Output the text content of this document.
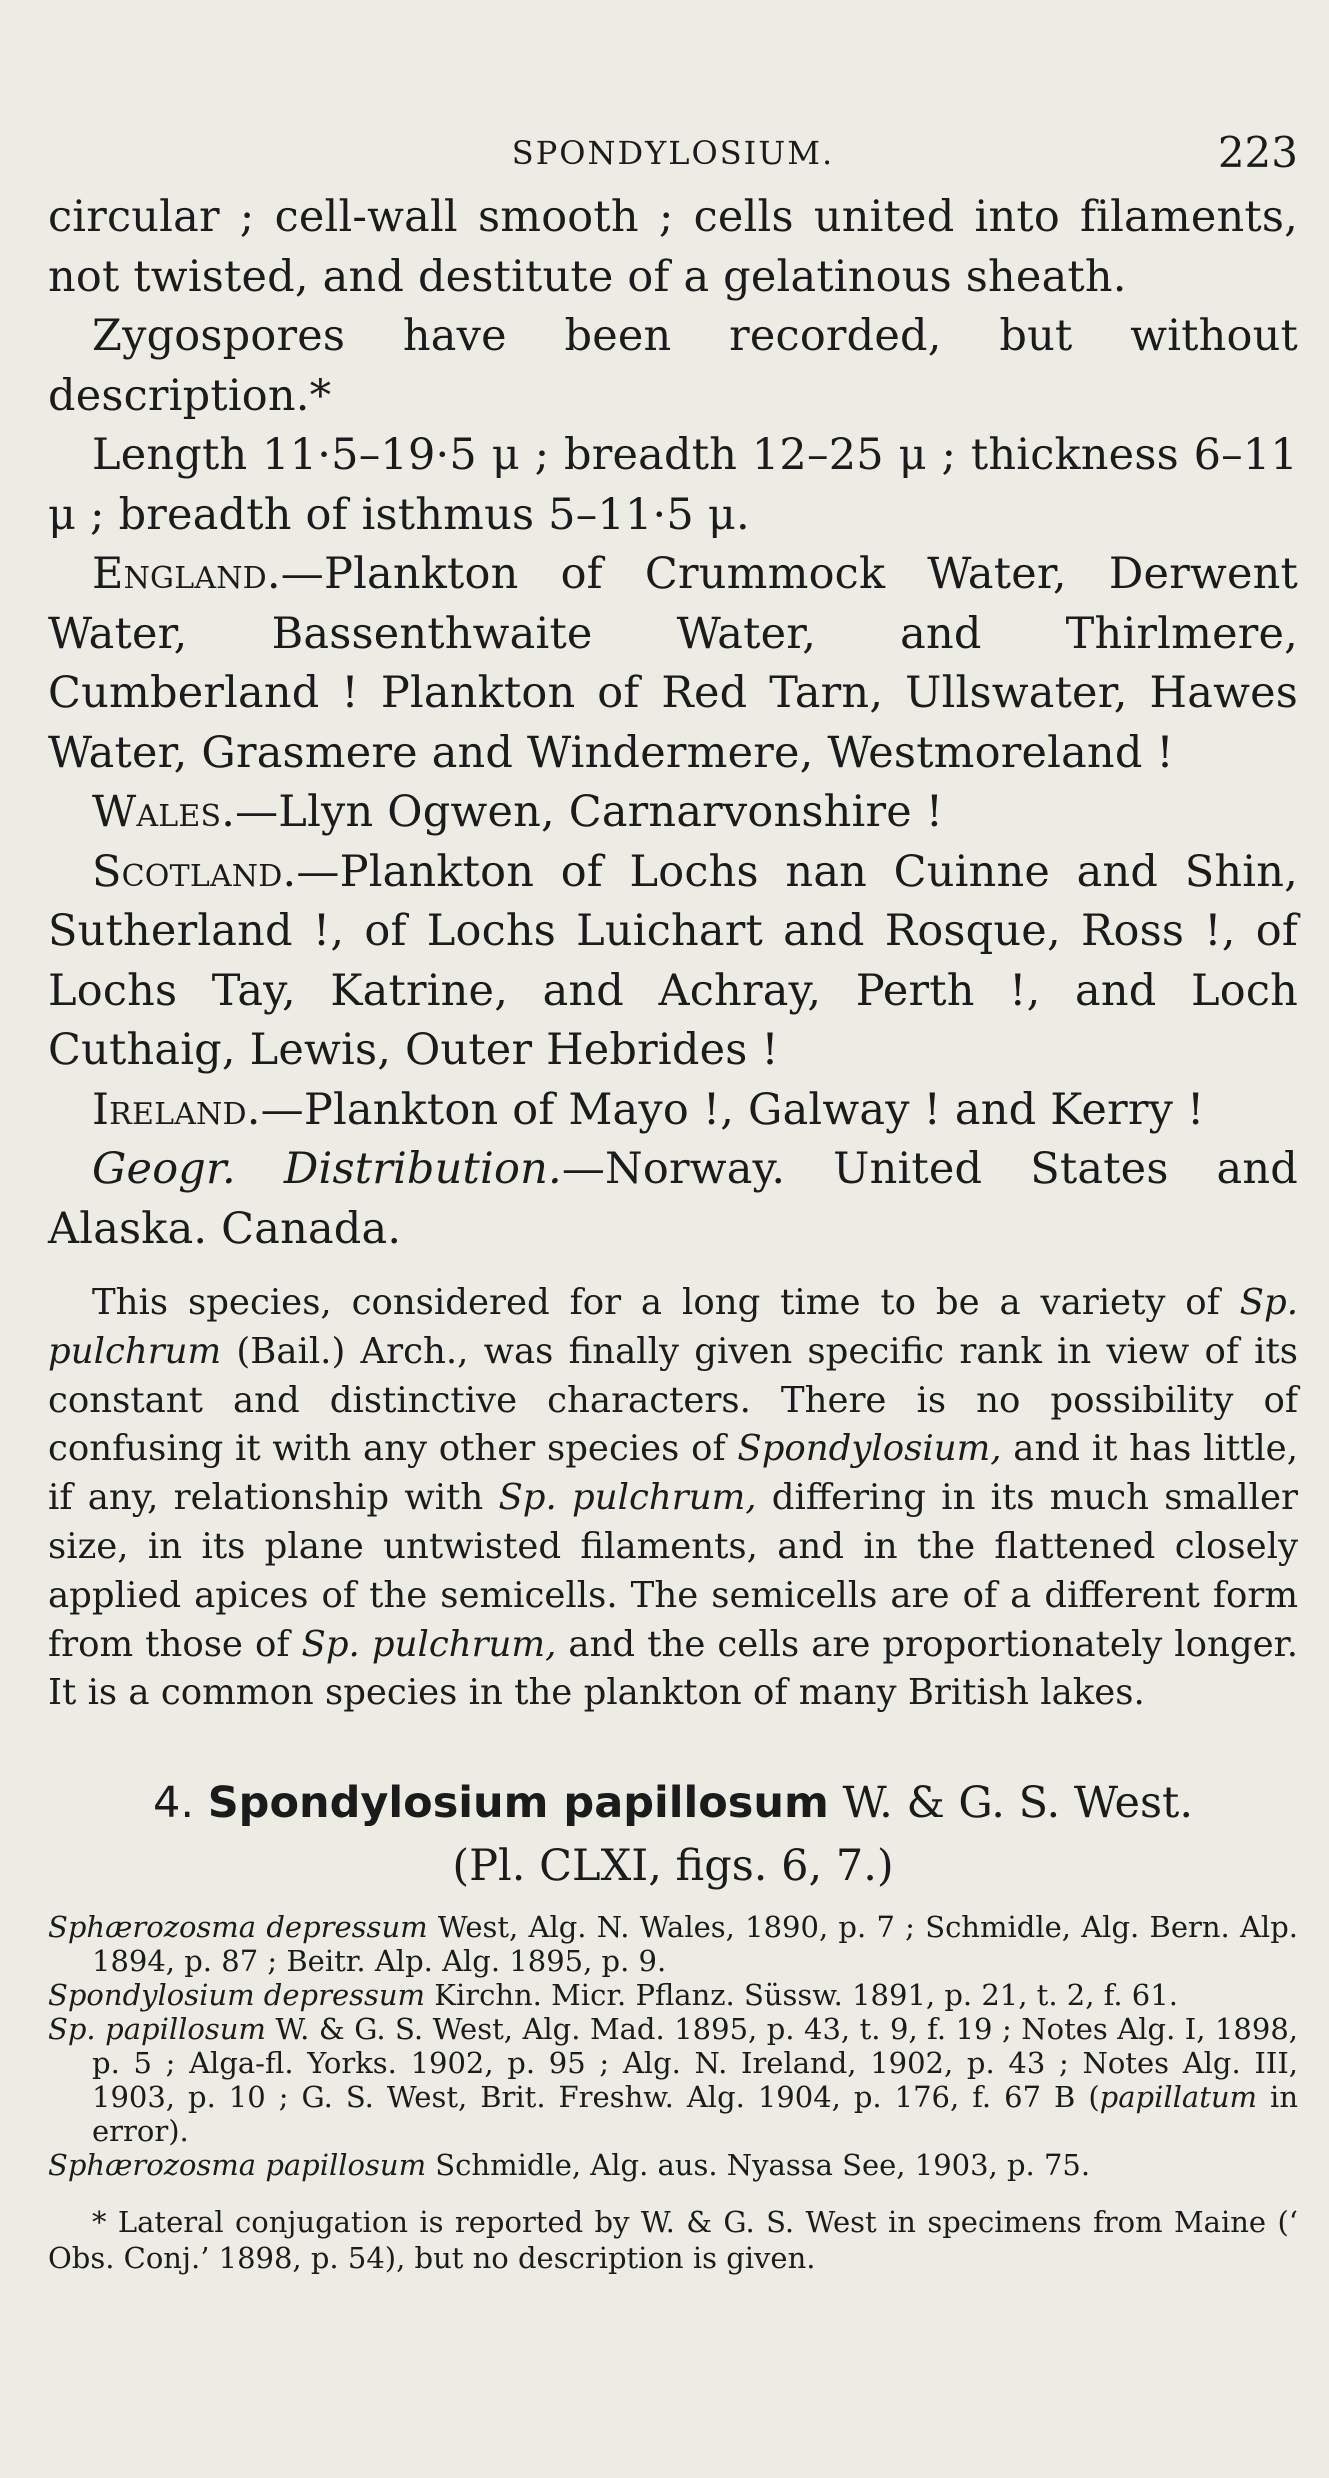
SPONDYLOSIUM.	223

circular ; cell-wall smooth ; cells united into filaments, not twisted, and destitute of a gelatinous sheath.

Zygospores have been recorded, but without description.*

Length 11·5–19·5 μ ; breadth 12–25 μ ; thickness 6–11 μ ; breadth of isthmus 5–11·5 μ.

England.—Plankton of Crummock Water, Derwent Water, Bassenthwaite Water, and Thirlmere, Cumberland ! Plankton of Red Tarn, Ullswater, Hawes Water, Grasmere and Windermere, Westmoreland !

Wales.—Llyn Ogwen, Carnarvonshire !

Scotland.—Plankton of Lochs nan Cuinne and Shin, Sutherland !, of Lochs Luichart and Rosque, Ross !, of Lochs Tay, Katrine, and Achray, Perth !, and Loch Cuthaig, Lewis, Outer Hebrides !

Ireland.—Plankton of Mayo !, Galway ! and Kerry !

Geogr. Distribution.—Norway. United States and Alaska. Canada.

This species, considered for a long time to be a variety of Sp. pulchrum (Bail.) Arch., was finally given specific rank in view of its constant and distinctive characters. There is no possibility of confusing it with any other species of Spondylosium, and it has little, if any, relationship with Sp. pulchrum, differing in its much smaller size, in its plane untwisted filaments, and in the flattened closely applied apices of the semicells. The semicells are of a different form from those of Sp. pulchrum, and the cells are proportionately longer. It is a common species in the plankton of many British lakes.

4. Spondylosium papillosum W. & G. S. West.
(Pl. CLXI, figs. 6, 7.)

Sphærozosma depressum West, Alg. N. Wales, 1890, p. 7 ; Schmidle, Alg. Bern. Alp. 1894, p. 87 ; Beitr. Alp. Alg. 1895, p. 9.

Spondylosium depressum Kirchn. Micr. Pflanz. Süssw. 1891, p. 21, t. 2, f. 61.

Sp. papillosum W. & G. S. West, Alg. Mad. 1895, p. 43, t. 9, f. 19 ; Notes Alg. I, 1898, p. 5 ; Alga-fl. Yorks. 1902, p. 95 ; Alg. N. Ireland, 1902, p. 43 ; Notes Alg. III, 1903, p. 10 ; G. S. West, Brit. Freshw. Alg. 1904, p. 176, f. 67 B (papillatum in error).

Sphærozosma papillosum Schmidle, Alg. aus. Nyassa See, 1903, p. 75.

* Lateral conjugation is reported by W. & G. S. West in specimens from Maine (‘ Obs. Conj.’ 1898, p. 54), but no description is given.
